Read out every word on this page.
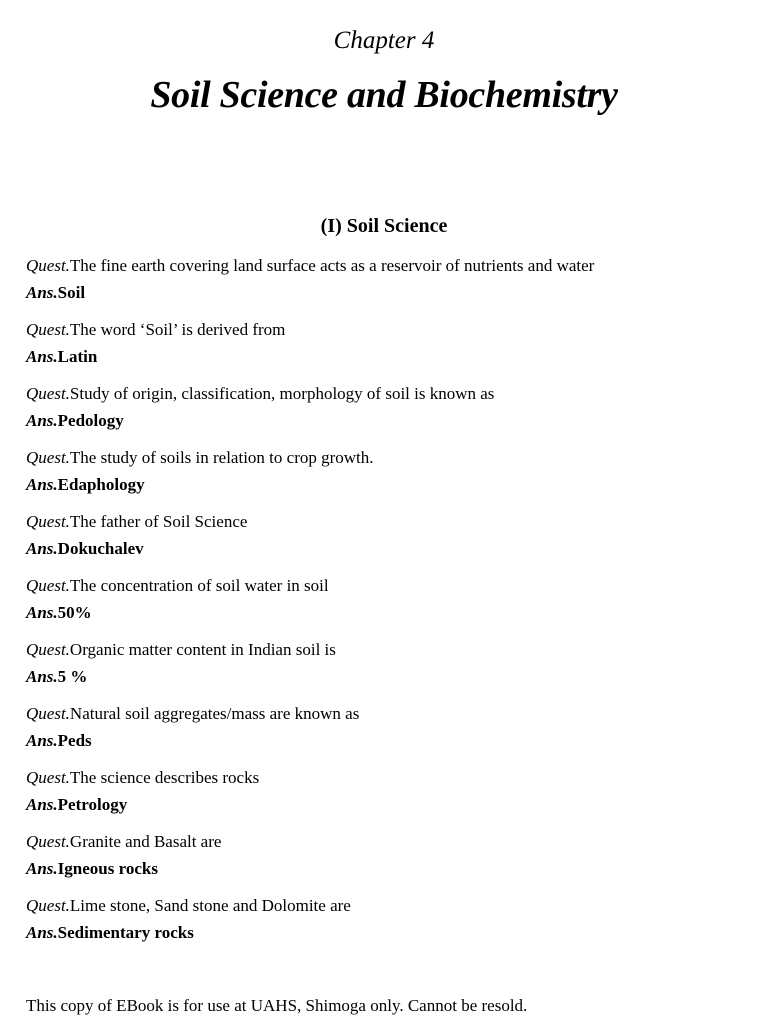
Chapter 4
Soil Science and Biochemistry
(I) Soil Science
Quest.The fine earth covering land surface acts as a reservoir of nutrients and water
Ans.Soil
Quest.The word ‘Soil’ is derived from
Ans.Latin
Quest.Study of origin, classification, morphology of soil is known as
Ans.Pedology
Quest.The study of soils in relation to crop growth.
Ans.Edaphology
Quest.The father of Soil Science
Ans.Dokuchalev
Quest.The concentration of soil water in soil
Ans.50%
Quest.Organic matter content in Indian soil is
Ans.5 %
Quest.Natural soil aggregates/mass are known as
Ans.Peds
Quest.The science describes rocks
Ans.Petrology
Quest.Granite and Basalt are
Ans.Igneous rocks
Quest.Lime stone, Sand stone and Dolomite are
Ans.Sedimentary rocks
This copy of EBook is for use at UAHS, Shimoga only. Cannot be resold.
